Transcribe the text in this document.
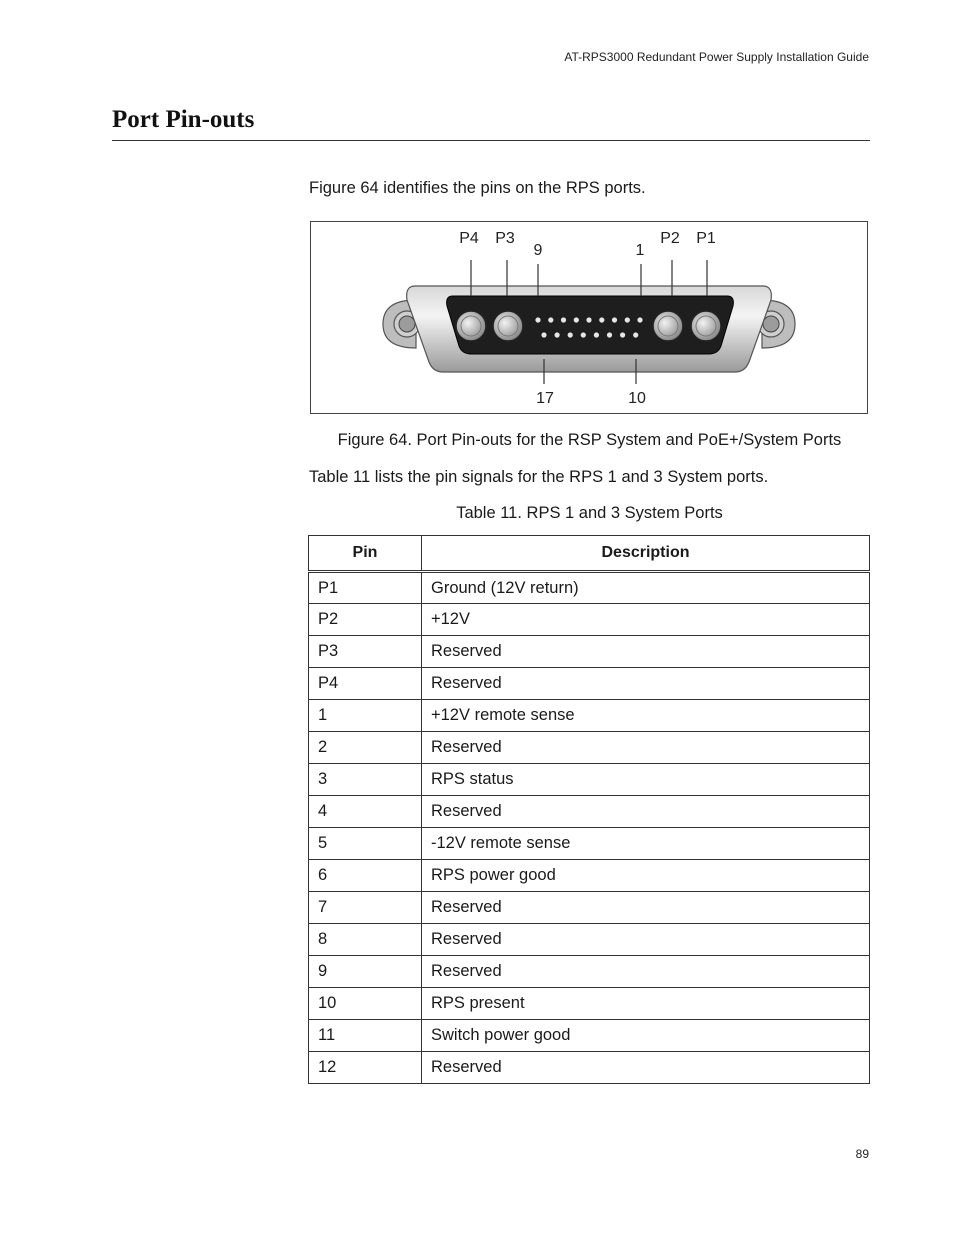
AT-RPS3000 Redundant Power Supply Installation Guide
Port Pin-outs
Figure 64 identifies the pins on the RPS ports.
P4 P3
9	1
P2 P1
17	10
Figure 64. Port Pin-outs for the RSP System and PoE+/System Ports
Table 11 lists the pin signals for the RPS 1 and 3 System ports.
Table 11. RPS 1 and 3 System Ports
Pin	Description
P1	Ground (12V return)
P2	+12V
P3	Reserved
P4	Reserved
1	+12V remote sense
2	Reserved
3	RPS status
4	Reserved
5	-12V remote sense
6	RPS power good
7	Reserved
8	Reserved
9	Reserved
10	RPS present
11	Switch power good
12	Reserved
89
